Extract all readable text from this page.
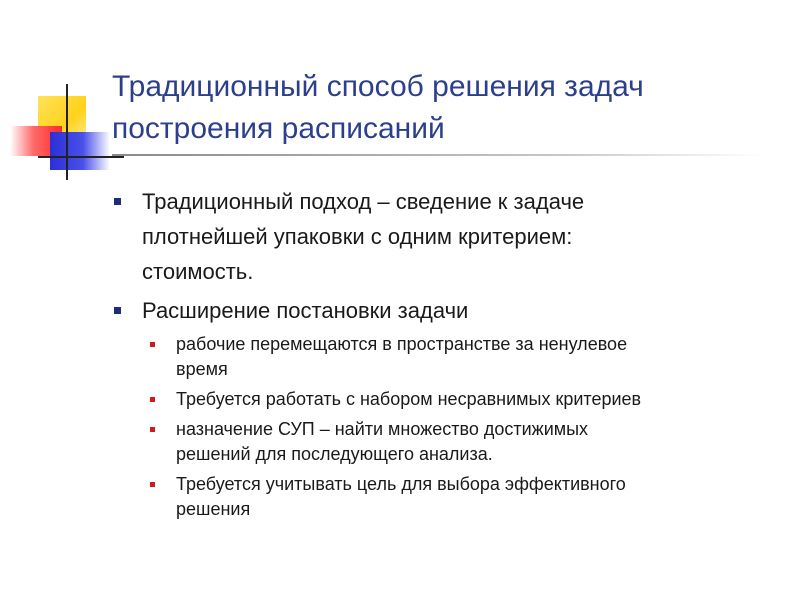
Традиционный способ решения задач
построения расписаний
Традиционный подход – сведение к задаче
плотнейшей упаковки с одним критерием:
стоимость.
Расширение постановки задачи
рабочие перемещаются в пространстве за ненулевое
время
Требуется работать с набором несравнимых критериев
назначение СУП – найти множество достижимых
решений для последующего анализа.
Требуется учитывать цель для выбора эффективного
решения
